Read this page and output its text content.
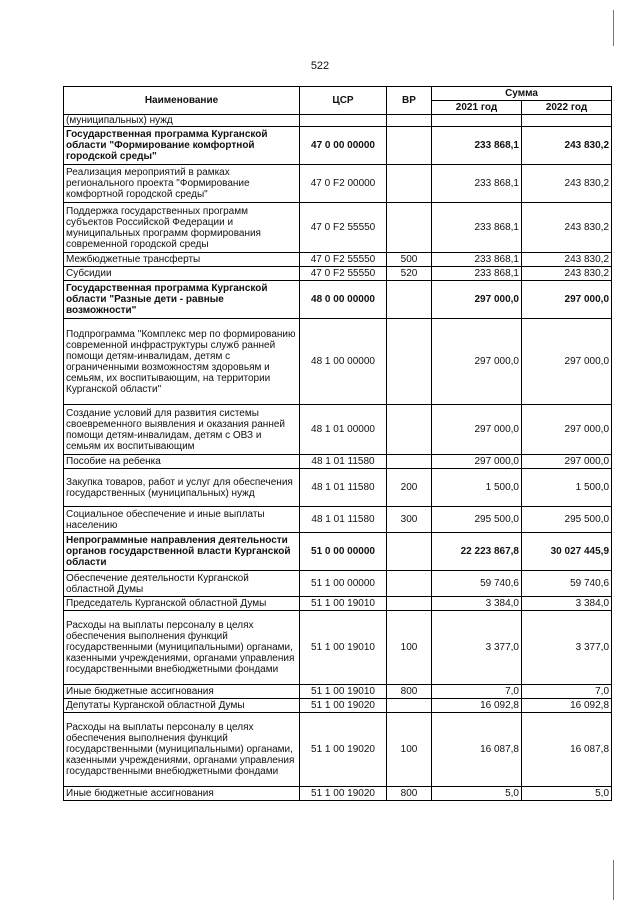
522
Наименование	ЦСР	ВР	Сумма	
			2021 год	2022 год
(муниципальных) нужд				
Государственная программа Курганской области "Формирование комфортной городской среды"	47 0 00 00000		233 868,1	243 830,2
Реализация мероприятий в рамках регионального проекта "Формирование комфортной городской среды"	47 0 F2 00000		233 868,1	243 830,2
Поддержка государственных программ субъектов Российской Федерации и муниципальных программ формирования современной городской среды	47 0 F2 55550		233 868,1	243 830,2
Межбюджетные трансферты	47 0 F2 55550	500	233 868,1	243 830,2
Субсидии	47 0 F2 55550	520	233 868,1	243 830,2
Государственная программа Курганской области "Разные дети - равные возможности"	48 0 00 00000		297 000,0	297 000,0
Подпрограмма "Комплекс мер по формированию современной инфраструктуры служб ранней помощи детям-инвалидам, детям с ограниченными возможностям здоровьям и семьям, их воспитывающим, на территории Курганской области"	48 1 00 00000		297 000,0	297 000,0
Создание условий для развития системы своевременного выявления и оказания ранней помощи детям-инвалидам, детям с ОВЗ и семьям их воспитывающим	48 1 01 00000		297 000,0	297 000,0
Пособие на ребенка	48 1 01 11580		297 000,0	297 000,0
Закупка товаров, работ и услуг для обеспечения государственных (муниципальных) нужд	48 1 01 11580	200	1 500,0	1 500,0
Социальное обеспечение и иные выплаты населению	48 1 01 11580	300	295 500,0	295 500,0
Непрограммные направления деятельности органов государственной власти Курганской области	51 0 00 00000		22 223 867,8	30 027 445,9
Обеспечение деятельности Курганской областной Думы	51 1 00 00000		59 740,6	59 740,6
Председатель Курганской областной Думы	51 1 00 19010		3 384,0	3 384,0
Расходы на выплаты персоналу в целях обеспечения выполнения функций государственными (муниципальными) органами, казенными учреждениями, органами управления государственными внебюджетными фондами	51 1 00 19010	100	3 377,0	3 377,0
Иные бюджетные ассигнования	51 1 00 19010	800	7,0	7,0
Депутаты Курганской областной Думы	51 1 00 19020		16 092,8	16 092,8
Расходы на выплаты персоналу в целях обеспечения выполнения функций государственными (муниципальными) органами, казенными учреждениями, органами управления государственными внебюджетными фондами	51 1 00 19020	100	16 087,8	16 087,8
Иные бюджетные ассигнования	51 1 00 19020	800	5,0	5,0
